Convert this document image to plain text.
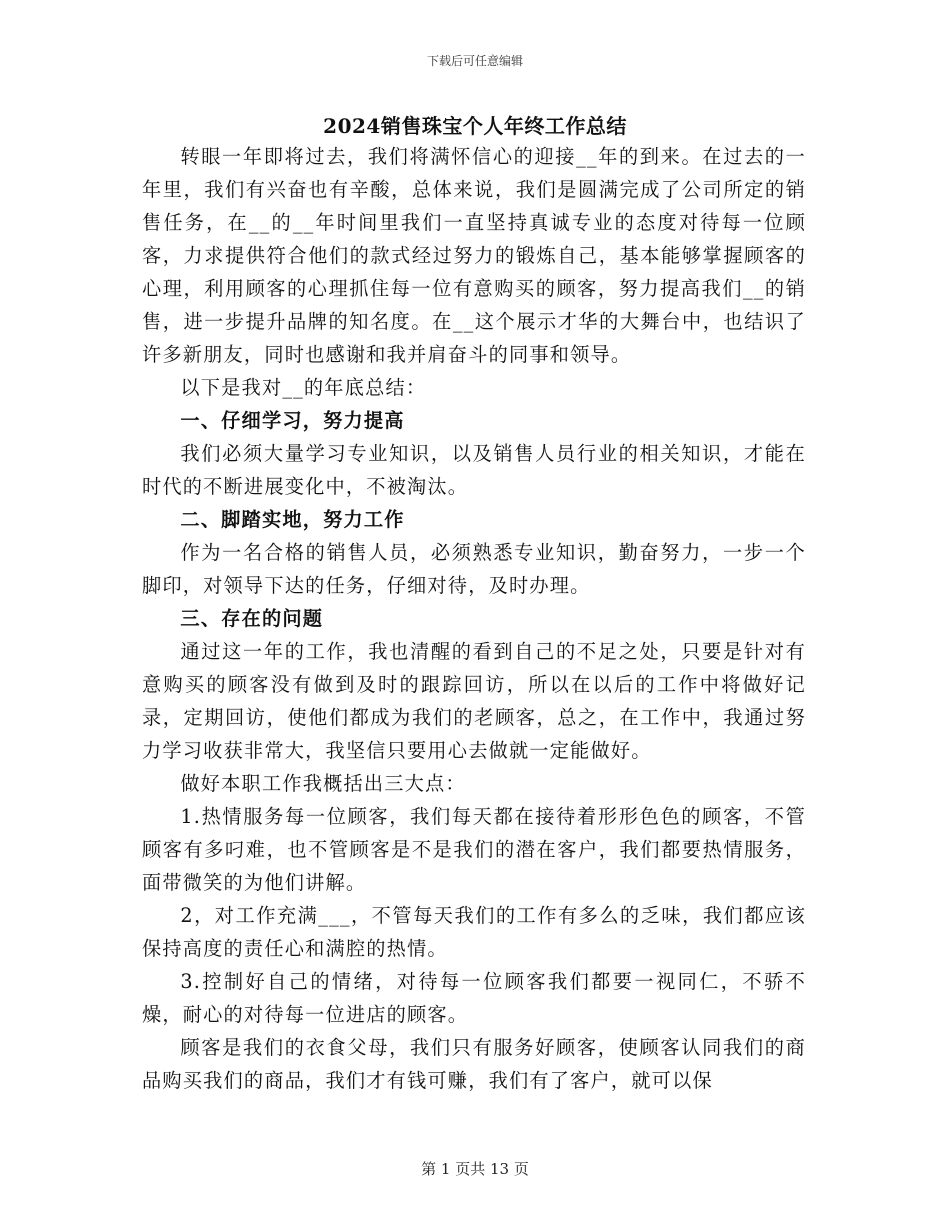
下载后可任意编辑
2024销售珠宝个人年终工作总结

转眼一年即将过去，我们将满怀信心的迎接__年的到来。在过去的一年里，我们有兴奋也有辛酸，总体来说，我们是圆满完成了公司所定的销售任务，在__的__年时间里我们一直坚持真诚专业的态度对待每一位顾客，力求提供符合他们的款式经过努力的锻炼自己，基本能够掌握顾客的心理，利用顾客的心理抓住每一位有意购买的顾客，努力提高我们__的销售，进一步提升品牌的知名度。在__这个展示才华的大舞台中，也结识了许多新朋友，同时也感谢和我并肩奋斗的同事和领导。

以下是我对__的年底总结：

一、仔细学习，努力提高

我们必须大量学习专业知识，以及销售人员行业的相关知识，才能在时代的不断进展变化中，不被淘汰。

二、脚踏实地，努力工作

作为一名合格的销售人员，必须熟悉专业知识，勤奋努力，一步一个脚印，对领导下达的任务，仔细对待，及时办理。

三、存在的问题

通过这一年的工作，我也清醒的看到自己的不足之处，只要是针对有意购买的顾客没有做到及时的跟踪回访，所以在以后的工作中将做好记录，定期回访，使他们都成为我们的老顾客，总之，在工作中，我通过努力学习收获非常大，我坚信只要用心去做就一定能做好。

做好本职工作我概括出三大点：

1.热情服务每一位顾客，我们每天都在接待着形形色色的顾客，不管顾客有多叼难，也不管顾客是不是我们的潜在客户，我们都要热情服务，面带微笑的为他们讲解。

2，对工作充满___，不管每天我们的工作有多么的乏味，我们都应该保持高度的责任心和满腔的热情。

3.控制好自己的情绪，对待每一位顾客我们都要一视同仁，不骄不燥，耐心的对待每一位进店的顾客。

顾客是我们的衣食父母，我们只有服务好顾客，使顾客认同我们的商品购买我们的商品，我们才有钱可赚，我们有了客户，就可以保

第 1 页共 13 页
